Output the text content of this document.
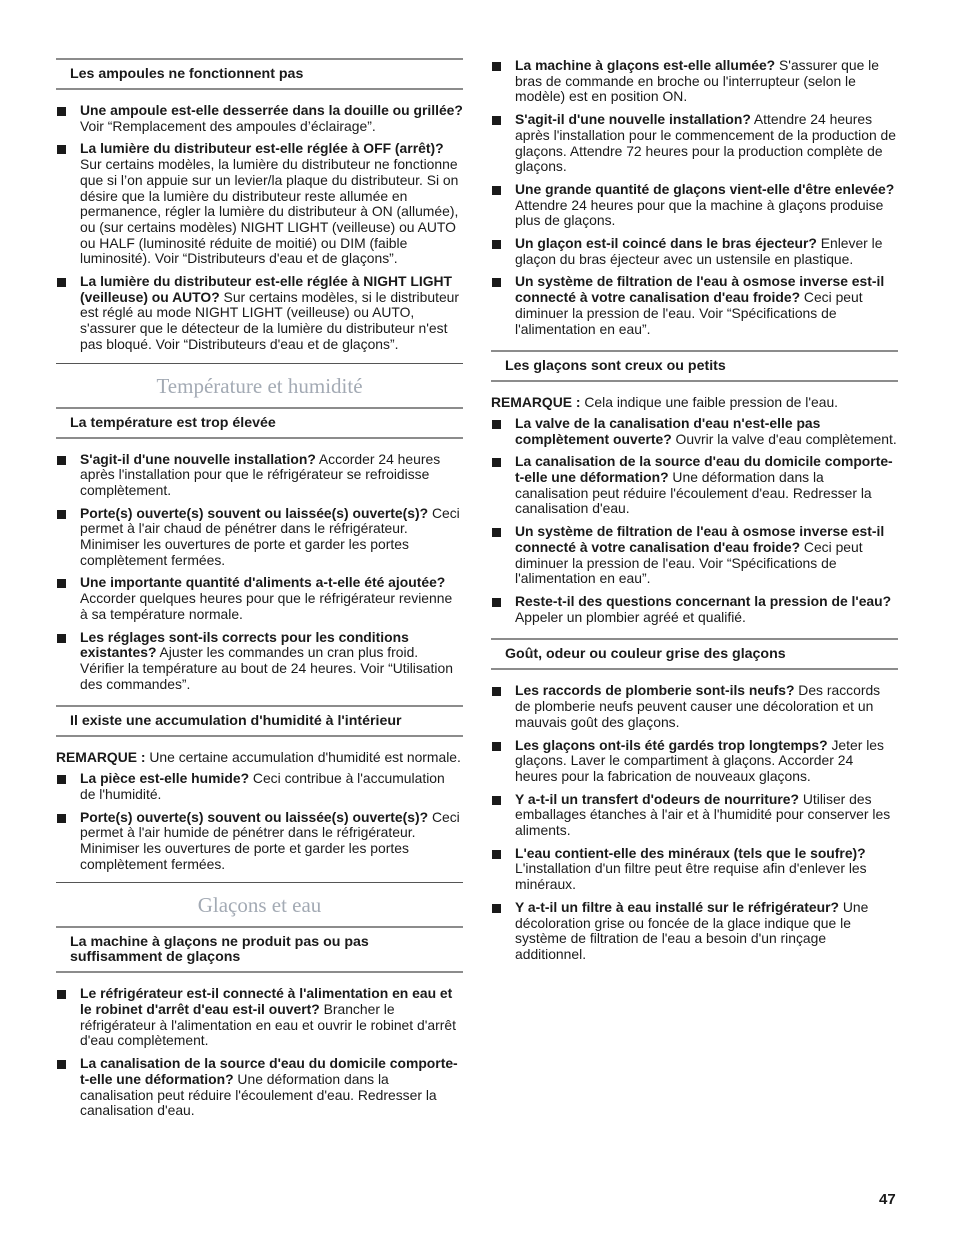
Les ampoules ne fonctionnent pas
Une ampoule est-elle desserrée dans la douille ou grillée? Voir “Remplacement des ampoules d’éclairage”.
La lumière du distributeur est-elle réglée à OFF (arrêt)? Sur certains modèles, la lumière du distributeur ne fonctionne que si l’on appuie sur un levier/la plaque du distributeur. Si on désire que la lumière du distributeur reste allumée en permanence, régler la lumière du distributeur à ON (allumée), ou (sur certains modèles) NIGHT LIGHT (veilleuse) ou AUTO ou HALF (luminosité réduite de moitié) ou DIM (faible luminosité). Voir “Distributeurs d'eau et de glaçons”.
La lumière du distributeur est-elle réglée à NIGHT LIGHT (veilleuse) ou AUTO? Sur certains modèles, si le distributeur est réglé au mode NIGHT LIGHT (veilleuse) ou AUTO, s'assurer que le détecteur de la lumière du distributeur n'est pas bloqué. Voir “Distributeurs d'eau et de glaçons”.
Température et humidité
La température est trop élevée
S'agit-il d'une nouvelle installation? Accorder 24 heures après l'installation pour que le réfrigérateur se refroidisse complètement.
Porte(s) ouverte(s) souvent ou laissée(s) ouverte(s)? Ceci permet à l'air chaud de pénétrer dans le réfrigérateur. Minimiser les ouvertures de porte et garder les portes complètement fermées.
Une importante quantité d'aliments a-t-elle été ajoutée? Accorder quelques heures pour que le réfrigérateur revienne à sa température normale.
Les réglages sont-ils corrects pour les conditions existantes? Ajuster les commandes un cran plus froid. Vérifier la température au bout de 24 heures. Voir “Utilisation des commandes”.
Il existe une accumulation d'humidité à l'intérieur
REMARQUE : Une certaine accumulation d'humidité est normale.
La pièce est-elle humide? Ceci contribue à l'accumulation de l'humidité.
Porte(s) ouverte(s) souvent ou laissée(s) ouverte(s)? Ceci permet à l'air humide de pénétrer dans le réfrigérateur. Minimiser les ouvertures de porte et garder les portes complètement fermées.
Glaçons et eau
La machine à glaçons ne produit pas ou pas suffisamment de glaçons
Le réfrigérateur est-il connecté à l'alimentation en eau et le robinet d'arrêt d'eau est-il ouvert? Brancher le réfrigérateur à l'alimentation en eau et ouvrir le robinet d'arrêt d'eau complètement.
La canalisation de la source d'eau du domicile comporte-t-elle une déformation? Une déformation dans la canalisation peut réduire l'écoulement d'eau. Redresser la canalisation d'eau.
La machine à glaçons est-elle allumée? S'assurer que le bras de commande en broche ou l'interrupteur (selon le modèle) est en position ON.
S'agit-il d'une nouvelle installation? Attendre 24 heures après l'installation pour le commencement de la production de glaçons. Attendre 72 heures pour la production complète de glaçons.
Une grande quantité de glaçons vient-elle d'être enlevée? Attendre 24 heures pour que la machine à glaçons produise plus de glaçons.
Un glaçon est-il coincé dans le bras éjecteur? Enlever le glaçon du bras éjecteur avec un ustensile en plastique.
Un système de filtration de l'eau à osmose inverse est-il connecté à votre canalisation d'eau froide? Ceci peut diminuer la pression de l'eau. Voir “Spécifications de l'alimentation en eau”.
Les glaçons sont creux ou petits
REMARQUE : Cela indique une faible pression de l'eau.
La valve de la canalisation d'eau n'est-elle pas complètement ouverte? Ouvrir la valve d'eau complètement.
La canalisation de la source d'eau du domicile comporte-t-elle une déformation? Une déformation dans la canalisation peut réduire l'écoulement d'eau. Redresser la canalisation d'eau.
Un système de filtration de l'eau à osmose inverse est-il connecté à votre canalisation d'eau froide? Ceci peut diminuer la pression de l'eau. Voir “Spécifications de l'alimentation en eau”.
Reste-t-il des questions concernant la pression de l'eau? Appeler un plombier agréé et qualifié.
Goût, odeur ou couleur grise des glaçons
Les raccords de plomberie sont-ils neufs? Des raccords de plomberie neufs peuvent causer une décoloration et un mauvais goût des glaçons.
Les glaçons ont-ils été gardés trop longtemps? Jeter les glaçons. Laver le compartiment à glaçons. Accorder 24 heures pour la fabrication de nouveaux glaçons.
Y a-t-il un transfert d'odeurs de nourriture? Utiliser des emballages étanches à l'air et à l'humidité pour conserver les aliments.
L'eau contient-elle des minéraux (tels que le soufre)? L'installation d'un filtre peut être requise afin d'enlever les minéraux.
Y a-t-il un filtre à eau installé sur le réfrigérateur? Une décoloration grise ou foncée de la glace indique que le système de filtration de l'eau a besoin d'un rinçage additionnel.
47
